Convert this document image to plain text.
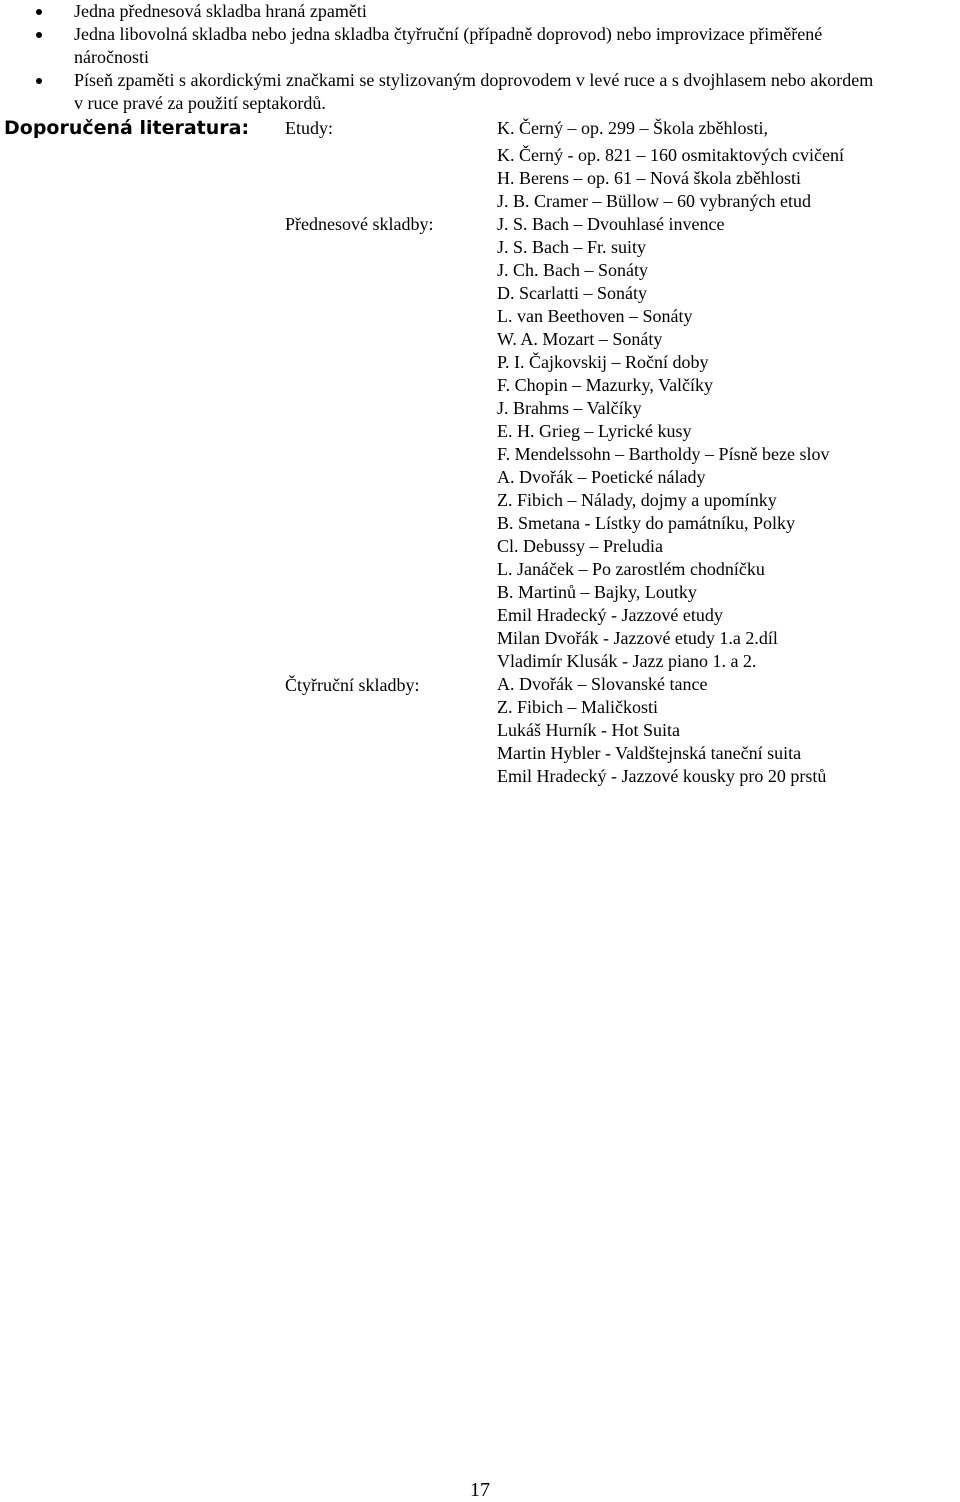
Jedna přednesová skladba hraná zpaměti
Jedna libovolná skladba nebo jedna skladba čtyřruční (případně doprovod) nebo improvizace přiměřené
náročnosti
Píseň zpaměti s akordickými značkami se stylizovaným doprovodem v levé ruce a s dvojhlasem nebo akordem
v ruce pravé za použití septakordů.
Doporučená literatura: Etudy:
Přednesové skladby:
Čtyřruční skladby:
K. Černý – op. 299 – Škola zběhlosti,
K. Černý - op. 821 – 160 osmitaktových cvičení
H. Berens – op. 61 – Nová škola zběhlosti
J. B. Cramer – Büllow – 60 vybraných etud
J. S. Bach – Dvouhlasé invence
J. S. Bach – Fr. suity
J. Ch. Bach – Sonáty
D. Scarlatti – Sonáty
L. van Beethoven – Sonáty
W. A. Mozart – Sonáty
P. I. Čajkovskij – Roční doby
F. Chopin – Mazurky, Valčíky
J. Brahms – Valčíky
E. H. Grieg – Lyrické kusy
F. Mendelssohn – Bartholdy – Písně beze slov
A. Dvořák – Poetické nálady
Z. Fibich – Nálady, dojmy a upomínky
B. Smetana - Lístky do památníku, Polky
Cl. Debussy – Preludia
L. Janáček – Po zarostlém chodníčku
B. Martinů – Bajky, Loutky
Emil Hradecký - Jazzové etudy
Milan Dvořák - Jazzové etudy 1.a 2.díl
Vladimír Klusák - Jazz piano 1. a 2.
A. Dvořák – Slovanské tance
Z. Fibich – Maličkosti
Lukáš Hurník - Hot Suita
Martin Hybler - Valdštejnská taneční suita
Emil Hradecký - Jazzové kousky pro 20 prstů
17
